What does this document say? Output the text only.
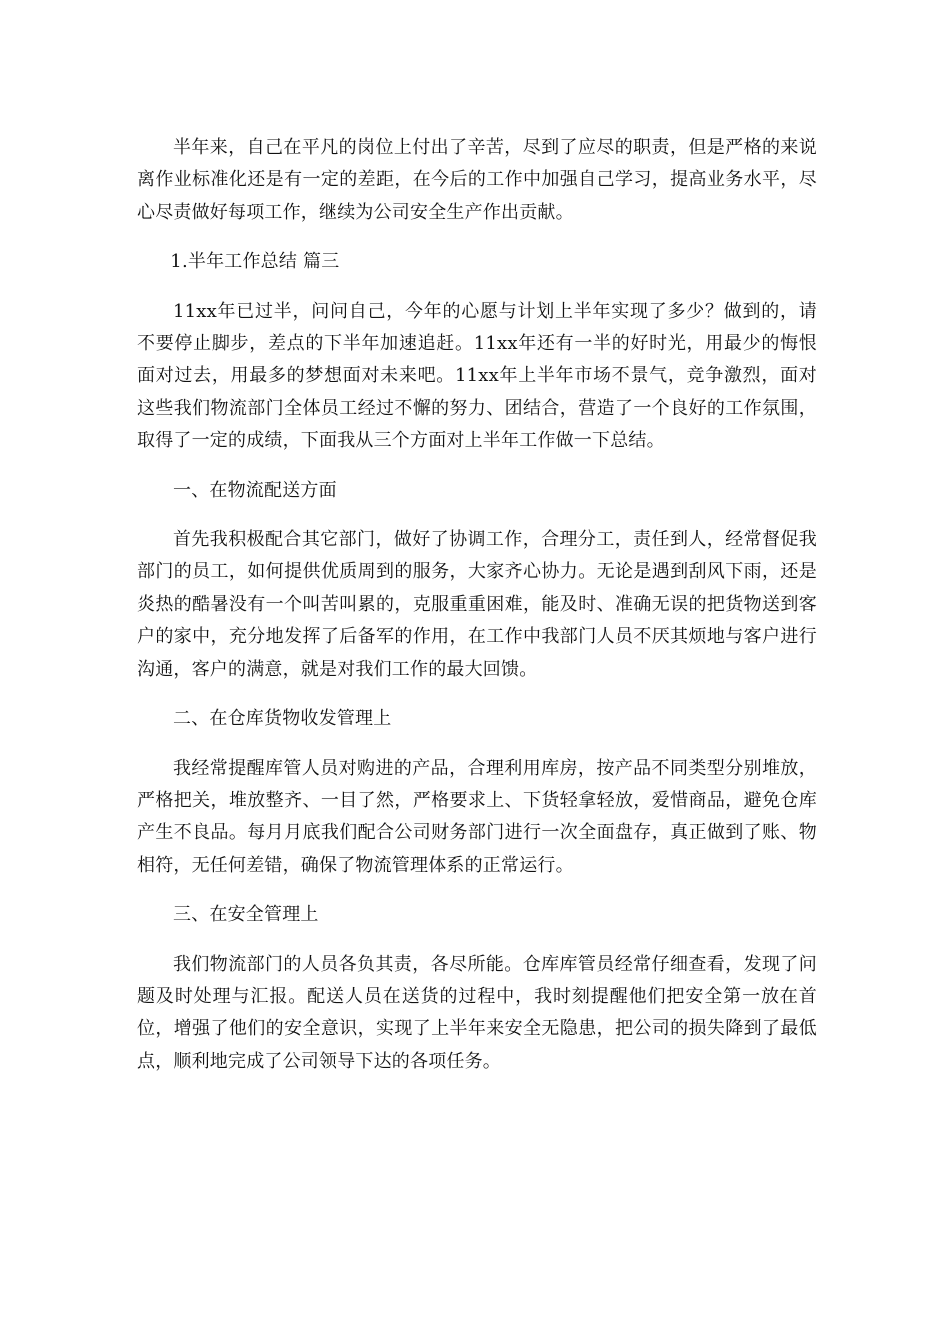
半年来，自己在平凡的岗位上付出了辛苦，尽到了应尽的职责，但是严格的来说离作业标准化还是有一定的差距，在今后的工作中加强自己学习，提高业务水平，尽心尽责做好每项工作，继续为公司安全生产作出贡献。

1.半年工作总结 篇三

11xx年已过半，问问自己，今年的心愿与计划上半年实现了多少？做到的，请不要停止脚步，差点的下半年加速追赶。11xx年还有一半的好时光，用最少的悔恨面对过去，用最多的梦想面对未来吧。11xx年上半年市场不景气，竞争激烈，面对这些我们物流部门全体员工经过不懈的努力、团结合，营造了一个良好的工作氛围，取得了一定的成绩，下面我从三个方面对上半年工作做一下总结。

一、在物流配送方面

首先我积极配合其它部门，做好了协调工作，合理分工，责任到人，经常督促我部门的员工，如何提供优质周到的服务，大家齐心协力。无论是遇到刮风下雨，还是炎热的酷暑没有一个叫苦叫累的，克服重重困难，能及时、准确无误的把货物送到客户的家中，充分地发挥了后备军的作用，在工作中我部门人员不厌其烦地与客户进行沟通，客户的满意，就是对我们工作的最大回馈。

二、在仓库货物收发管理上

我经常提醒库管人员对购进的产品，合理利用库房，按产品不同类型分别堆放，严格把关，堆放整齐、一目了然，严格要求上、下货轻拿轻放，爱惜商品，避免仓库产生不良品。每月月底我们配合公司财务部门进行一次全面盘存，真正做到了账、物相符，无任何差错，确保了物流管理体系的正常运行。

三、在安全管理上

我们物流部门的人员各负其责，各尽所能。仓库库管员经常仔细查看，发现了问题及时处理与汇报。配送人员在送货的过程中，我时刻提醒他们把安全第一放在首位，增强了他们的安全意识，实现了上半年来安全无隐患，把公司的损失降到了最低点，顺利地完成了公司领导下达的各项任务。
